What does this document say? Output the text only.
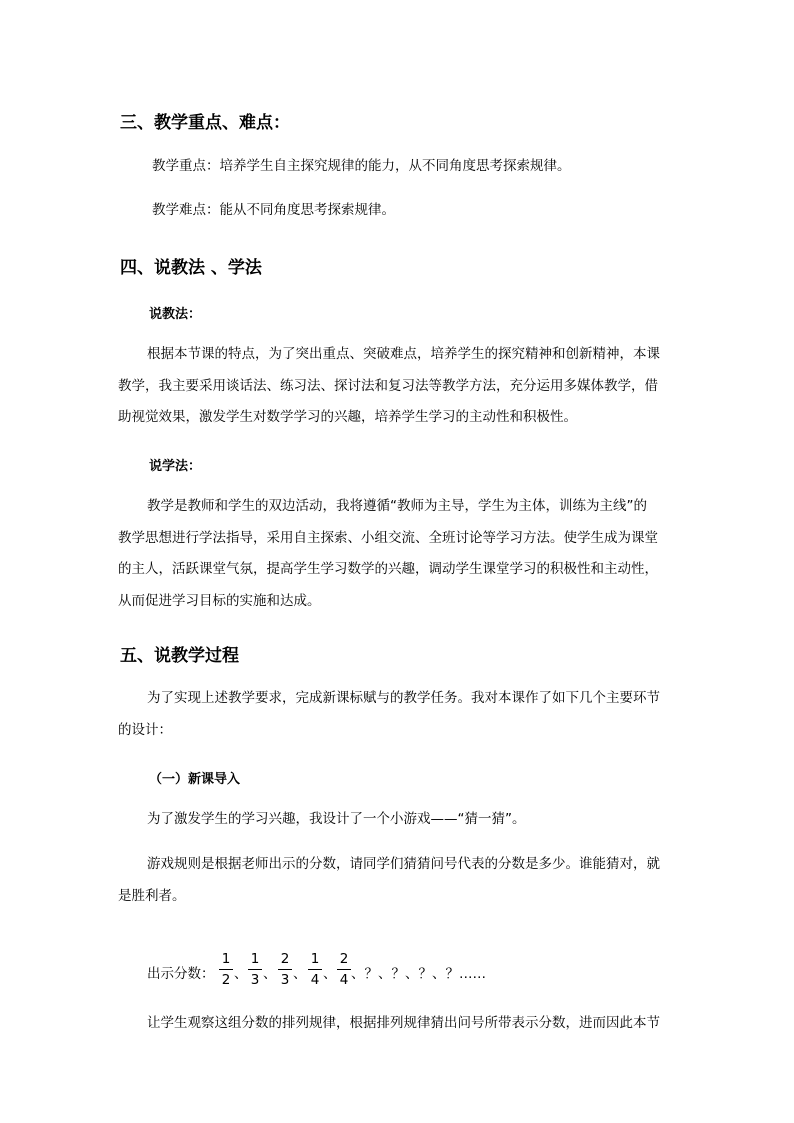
三、教学重点、难点：
教学重点：培养学生自主探究规律的能力，从不同角度思考探索规律。
教学难点：能从不同角度思考探索规律。
四、说教法 、学法
说教法：
根据本节课的特点，为了突出重点、突破难点，培养学生的探究精神和创新精神，本课
教学，我主要采用谈话法、练习法、探讨法和复习法等教学方法，充分运用多媒体教学，借
助视觉效果，激发学生对数学学习的兴趣，培养学生学习的主动性和积极性。
说学法：
教学是教师和学生的双边活动，我将遵循“教师为主导，学生为主体，训练为主线”的
教学思想进行学法指导，采用自主探索、小组交流、全班讨论等学习方法。使学生成为课堂
的主人，活跃课堂气氛，提高学生学习数学的兴趣，调动学生课堂学习的积极性和主动性，
从而促进学习目标的实施和达成。
五、说教学过程
为了实现上述教学要求，完成新课标赋与的教学任务。我对本课作了如下几个主要环节
的设计：
（一）新课导入
为了激发学生的学习兴趣，我设计了一个小游戏——“猜一猜”。
游戏规则是根据老师出示的分数，请同学们猜猜问号代表的分数是多少。谁能猜对，就
是胜利者。
出示分数：
1
2 、
1
3 、
2
3 、
1
4 、
2
4 、？、？、？、？……
让学生观察这组分数的排列规律，根据排列规律猜出问号所带表示分数，进而因此本节
